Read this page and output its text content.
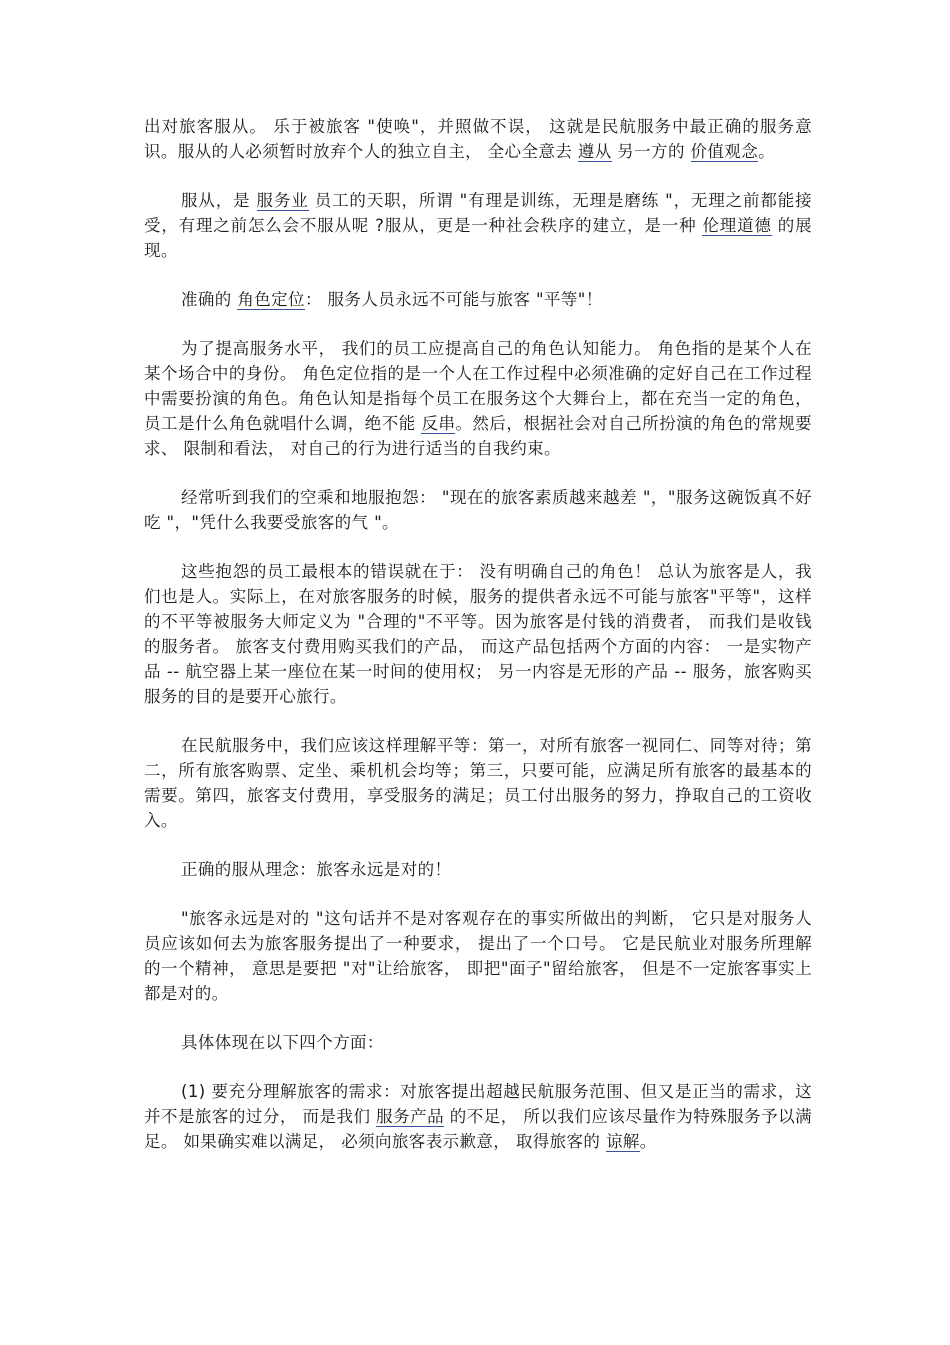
出对旅客服从。 乐于被旅客 "使唤"，并照做不误， 这就是民航服务中最正确的服务意识。服从的人必须暂时放弃个人的独立自主， 全心全意去 遵从 另一方的 价值观念。

服从，是 服务业 员工的天职，所谓 "有理是训练，无理是磨练 "，无理之前都能接受，有理之前怎么会不服从呢 ?服从，更是一种社会秩序的建立，是一种 伦理道德 的展现。

准确的 角色定位： 服务人员永远不可能与旅客 "平等"！

为了提高服务水平， 我们的员工应提高自己的角色认知能力。 角色指的是某个人在某个场合中的身份。 角色定位指的是一个人在工作过程中必须准确的定好自己在工作过程中需要扮演的角色。角色认知是指每个员工在服务这个大舞台上，都在充当一定的角色，员工是什么角色就唱什么调，绝不能 反串。然后，根据社会对自己所扮演的角色的常规要求、 限制和看法， 对自己的行为进行适当的自我约束。

经常听到我们的空乘和地服抱怨： "现在的旅客素质越来越差 "，"服务这碗饭真不好吃 "，"凭什么我要受旅客的气 "。

这些抱怨的员工最根本的错误就在于： 没有明确自己的角色！ 总认为旅客是人，我们也是人。实际上，在对旅客服务的时候，服务的提供者永远不可能与旅客"平等"，这样的不平等被服务大师定义为 "合理的"不平等。因为旅客是付钱的消费者， 而我们是收钱的服务者。 旅客支付费用购买我们的产品， 而这产品包括两个方面的内容： 一是实物产品 -- 航空器上某一座位在某一时间的使用权； 另一内容是无形的产品 -- 服务，旅客购买服务的目的是要开心旅行。

在民航服务中，我们应该这样理解平等：第一，对所有旅客一视同仁、同等对待；第二，所有旅客购票、定坐、乘机机会均等；第三，只要可能，应满足所有旅客的最基本的需要。第四，旅客支付费用，享受服务的满足；员工付出服务的努力，挣取自己的工资收入。

正确的服从理念：旅客永远是对的！

"旅客永远是对的 "这句话并不是对客观存在的事实所做出的判断， 它只是对服务人员应该如何去为旅客服务提出了一种要求， 提出了一个口号。 它是民航业对服务所理解的一个精神， 意思是要把 "对"让给旅客， 即把"面子"留给旅客， 但是不一定旅客事实上都是对的。

具体体现在以下四个方面：

(1) 要充分理解旅客的需求：对旅客提出超越民航服务范围、但又是正当的需求，这并不是旅客的过分， 而是我们 服务产品 的不足， 所以我们应该尽量作为特殊服务予以满足。 如果确实难以满足， 必须向旅客表示歉意， 取得旅客的 谅解。
